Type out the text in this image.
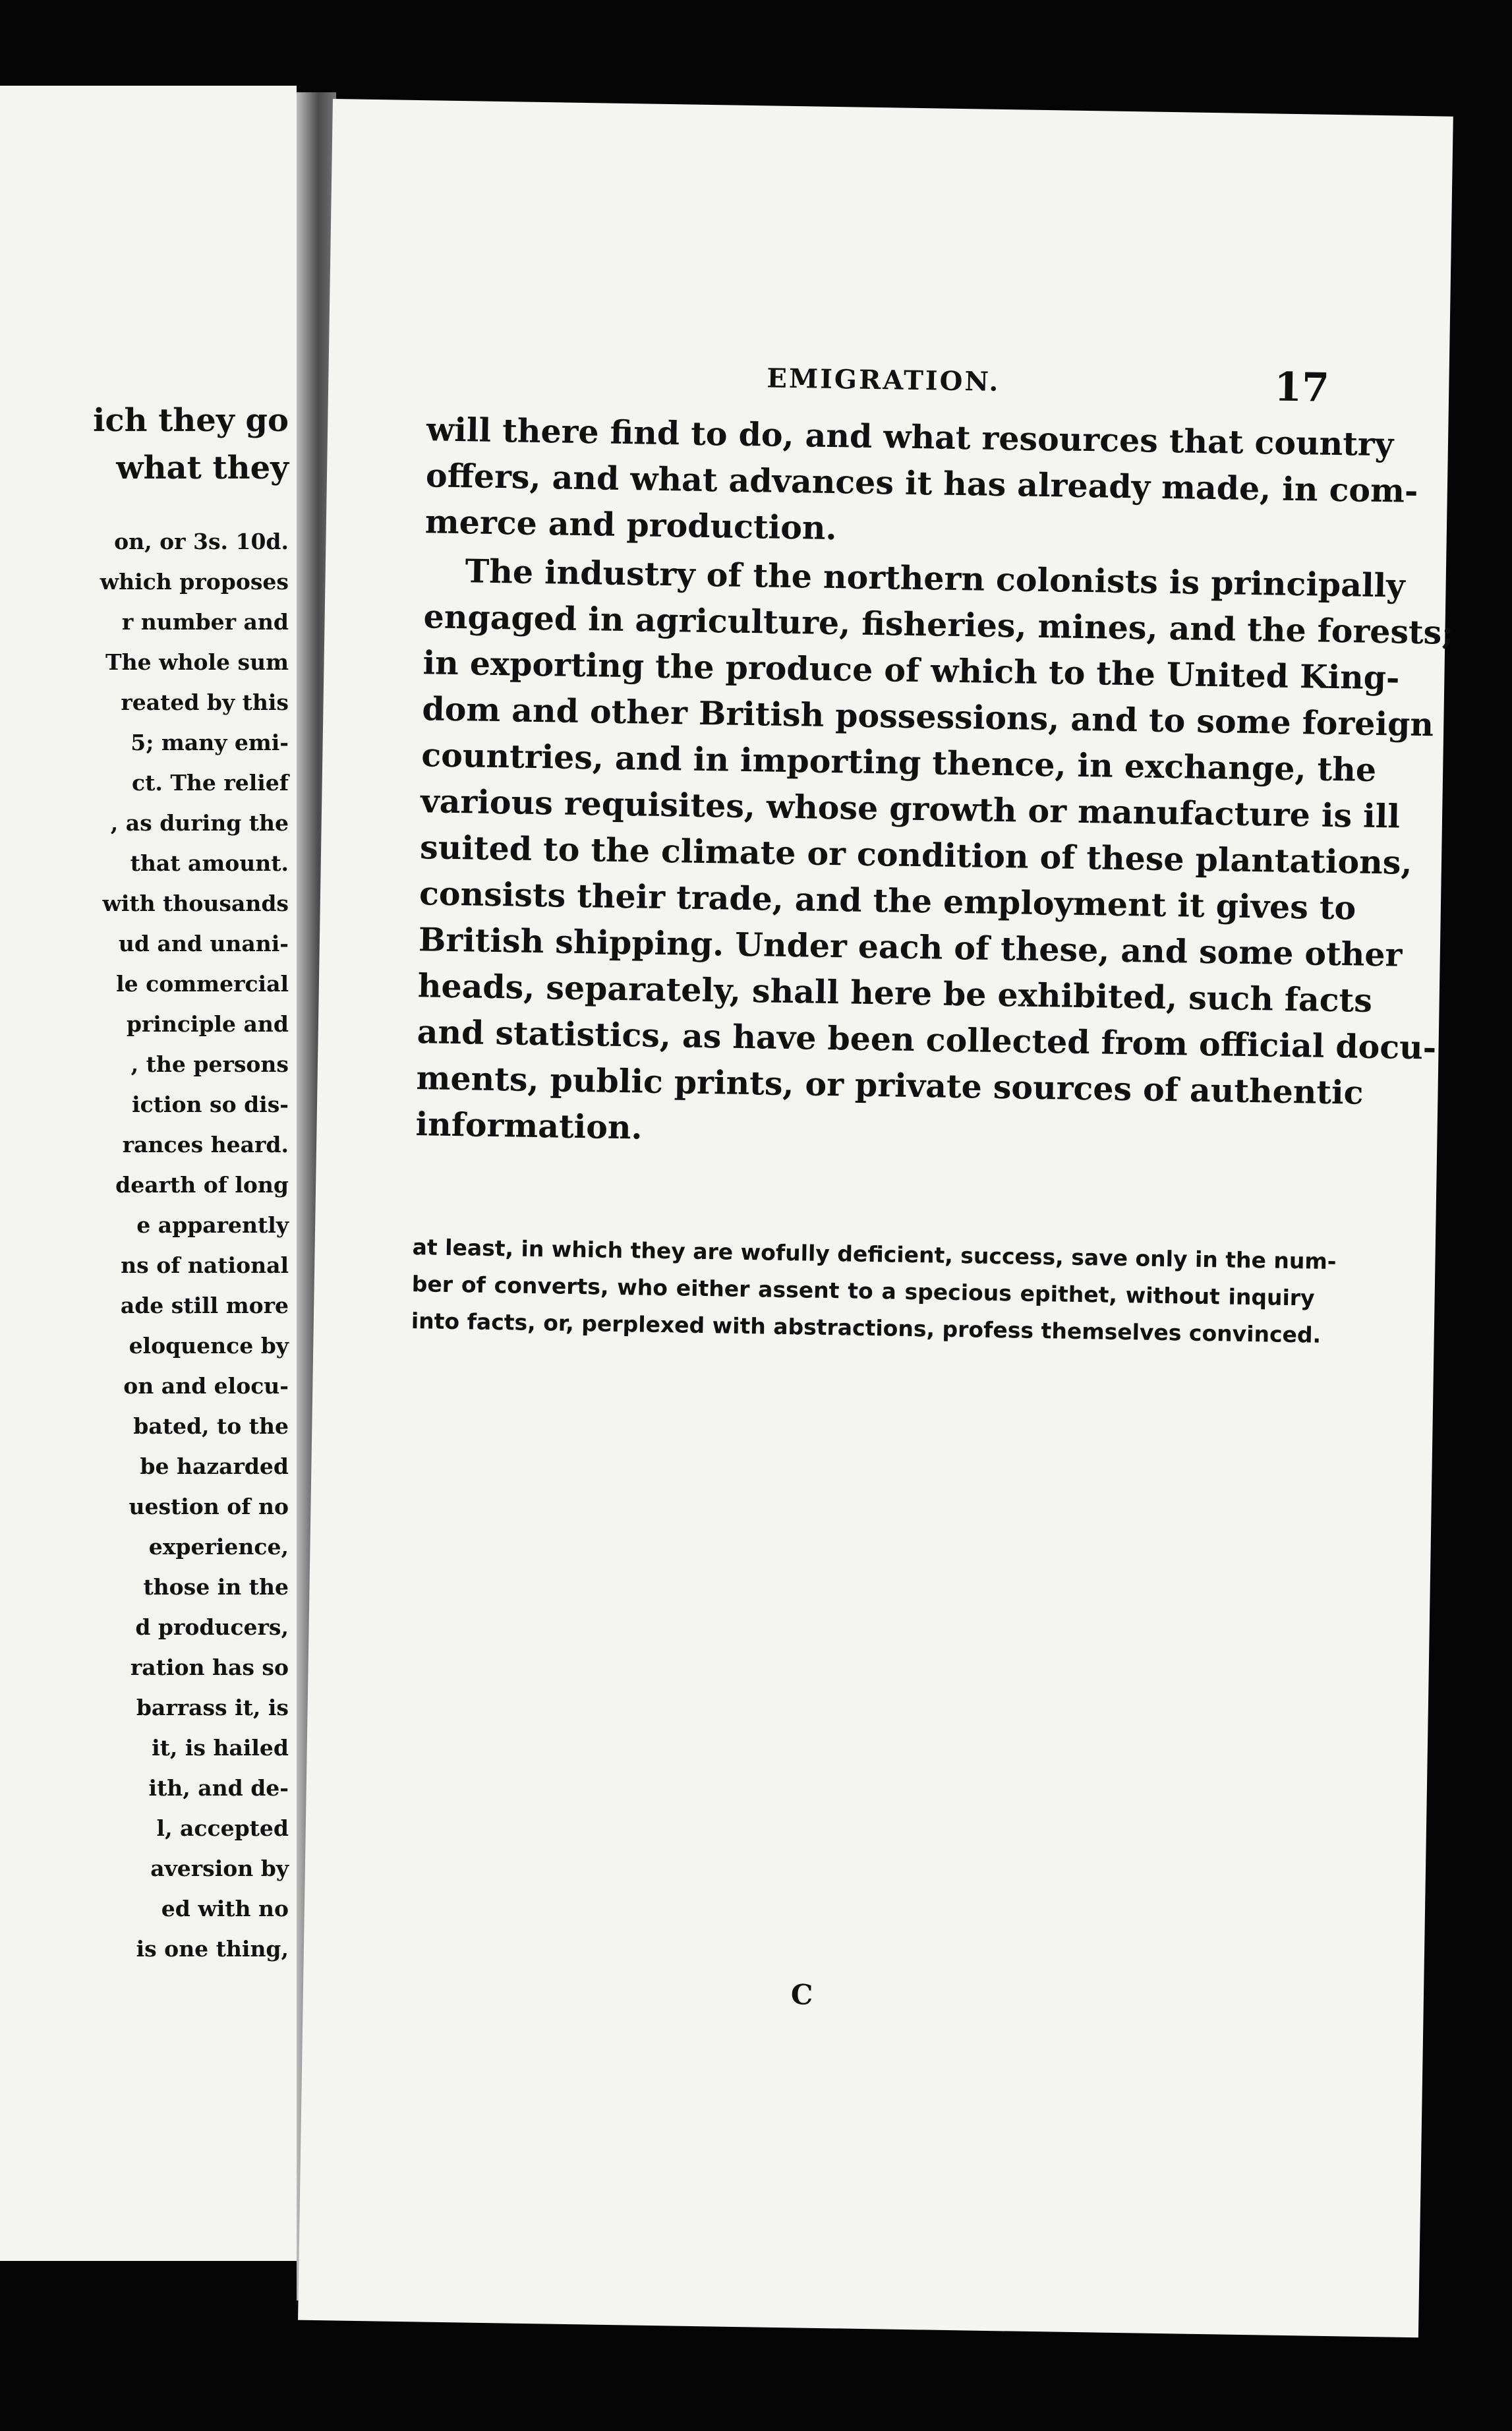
ich they go
what they
on, or 3s. 10d.
which proposes
r number and
The whole sum
reated by this
5; many emi-
ct. The relief
, as during the
that amount.
with thousands
ud and unani-
le commercial
principle and
, the persons
iction so dis-
rances heard.
dearth of long
e apparently
ns of national
ade still more
eloquence by
on and elocu-
bated, to the
be hazarded
uestion of no
experience,
those in the
d producers,
ration has so
barrass it, is
it, is hailed
ith, and de-
l, accepted
aversion by
ed with no
is one thing,
EMIGRATION.	17
will there find to do, and what resources that country
offers, and what advances it has already made, in com-
merce and production.
The industry of the northern colonists is principally
engaged in agriculture, fisheries, mines, and the forests;
in exporting the produce of which to the United King-
dom and other British possessions, and to some foreign
countries, and in importing thence, in exchange, the
various requisites, whose growth or manufacture is ill
suited to the climate or condition of these plantations,
consists their trade, and the employment it gives to
British shipping. Under each of these, and some other
heads, separately, shall here be exhibited, such facts
and statistics, as have been collected from official docu-
ments, public prints, or private sources of authentic
information.
at least, in which they are wofully deficient, success, save only in the num-
ber of converts, who either assent to a specious epithet, without inquiry
into facts, or, perplexed with abstractions, profess themselves convinced.
C
